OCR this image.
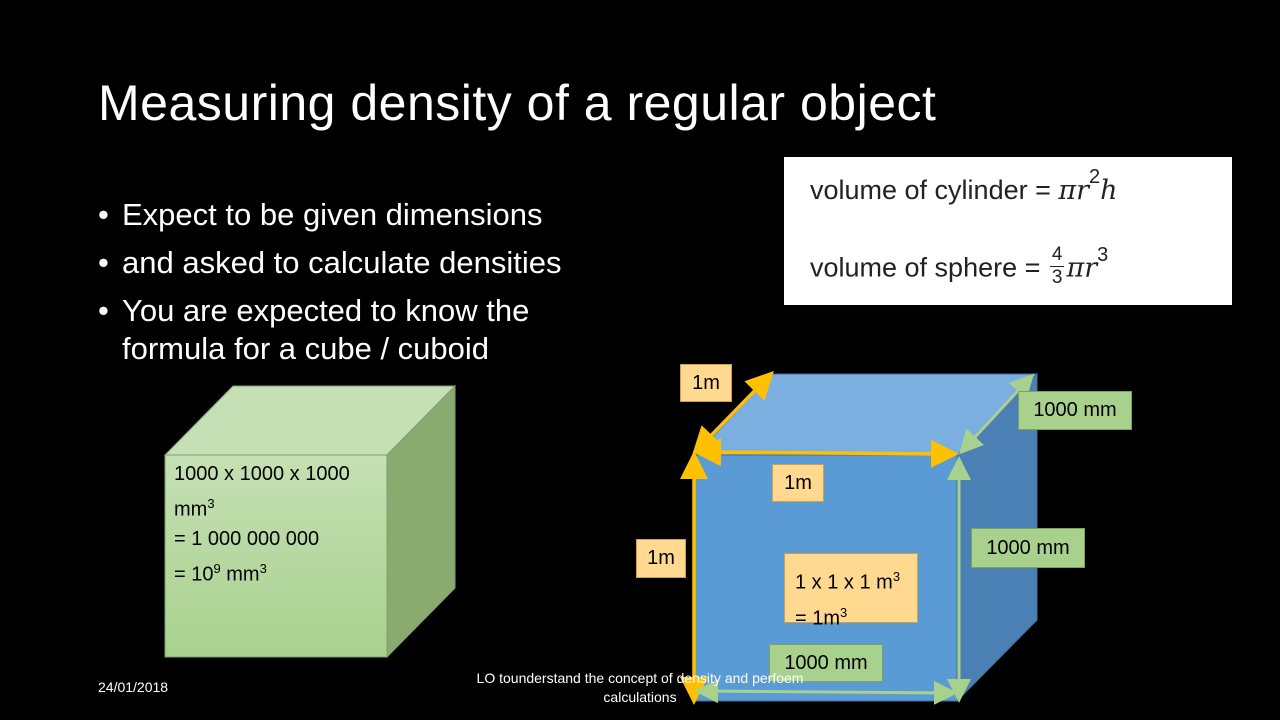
Measuring density of a regular object
• Expect to be given dimensions
• and asked to calculate densities
• You are expected to know the formula for a cube / cuboid
volume of cylinder = $\pi r^2h$
volume of sphere = $\frac{4}{3} \pi r^3$
1000 x 1000 x 1000
$mm^3$
= 1 000 000 000
= $10^9$ $mm^3$
1m
1m
1m
1000 mm
1000 mm
1000 mm
1 x 1 x 1 $m^3$
= $1m^3$
24/01/2018
LO tounderstand the concept of density and perfoem calculations
